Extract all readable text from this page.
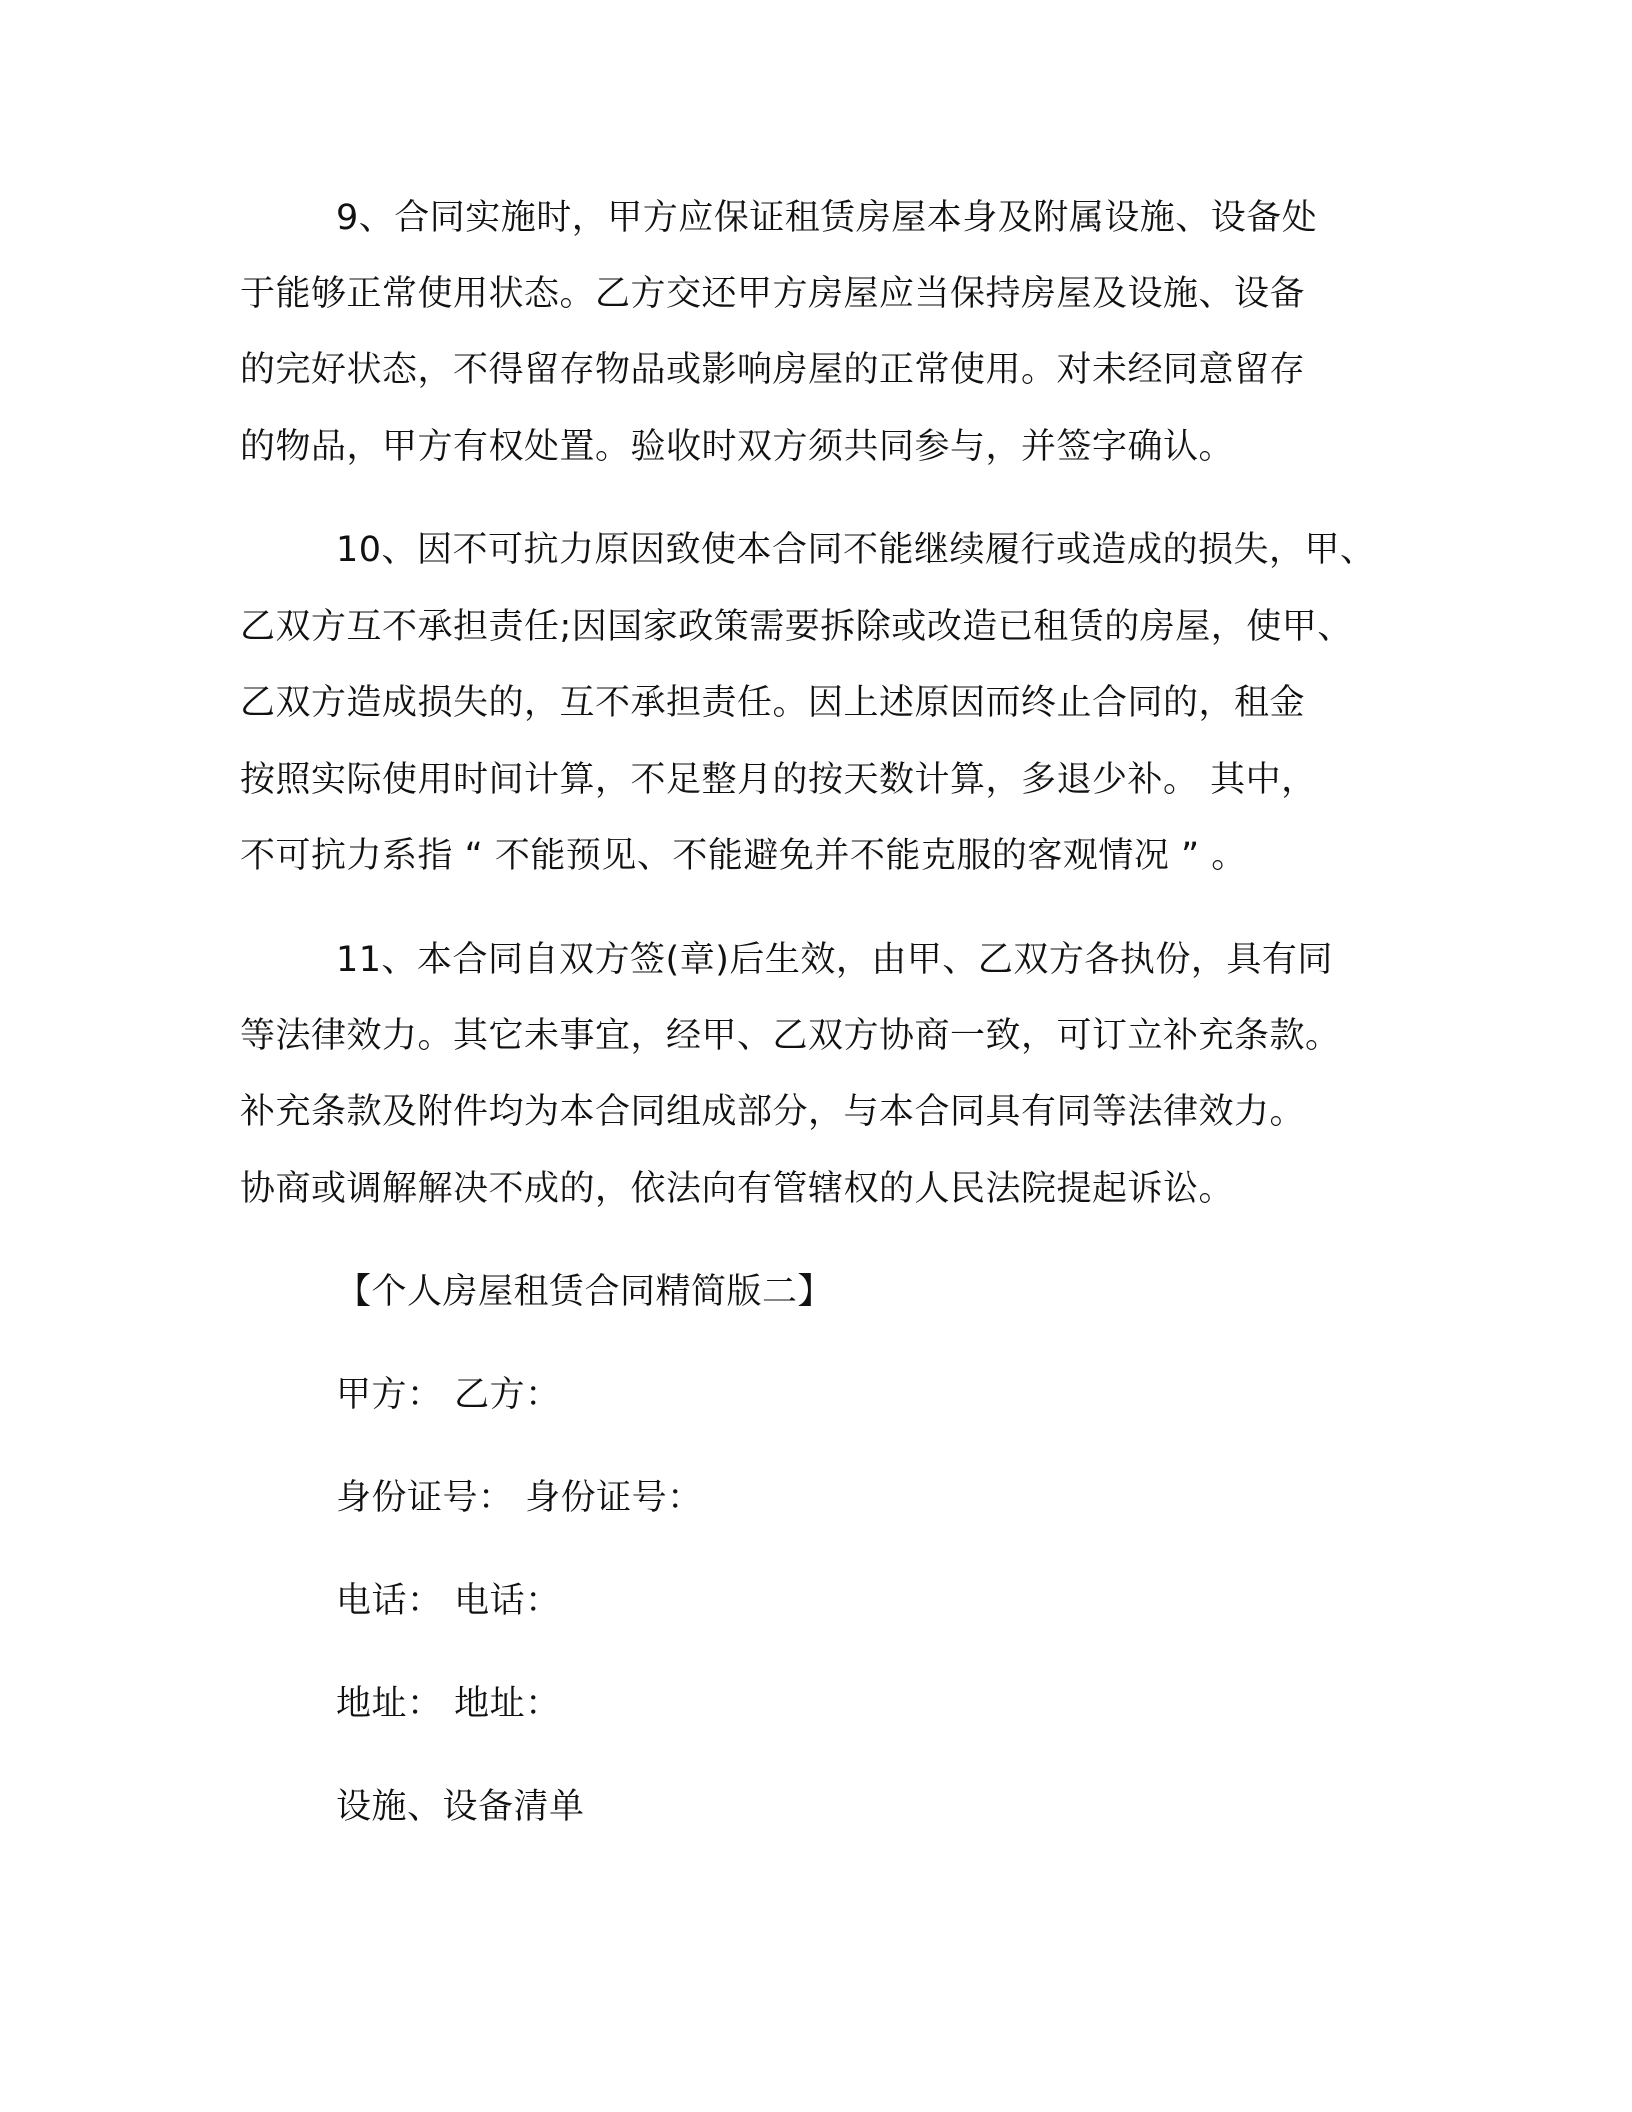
9、合同实施时，甲方应保证租赁房屋本身及附属设施、设备处
于能够正常使用状态。乙方交还甲方房屋应当保持房屋及设施、设备
的完好状态，不得留存物品或影响房屋的正常使用。对未经同意留存
的物品，甲方有权处置。验收时双方须共同参与，并签字确认。
10、因不可抗力原因致使本合同不能继续履行或造成的损失，甲、
乙双方互不承担责任;因国家政策需要拆除或改造已租赁的房屋，使甲、
乙双方造成损失的，互不承担责任。因上述原因而终止合同的，租金
按照实际使用时间计算，不足整月的按天数计算，多退少补。 其中，
不可抗力系指 “ 不能预见、不能避免并不能克服的客观情况 ” 。
11、本合同自双方签(章)后生效，由甲、乙双方各执份，具有同
等法律效力。其它未事宜，经甲、乙双方协商一致，可订立补充条款。
补充条款及附件均为本合同组成部分，与本合同具有同等法律效力。
协商或调解解决不成的，依法向有管辖权的人民法院提起诉讼。
【个人房屋租赁合同精简版二】
甲方： 乙方：
身份证号： 身份证号：
电话： 电话：
地址： 地址：
设施、设备清单
